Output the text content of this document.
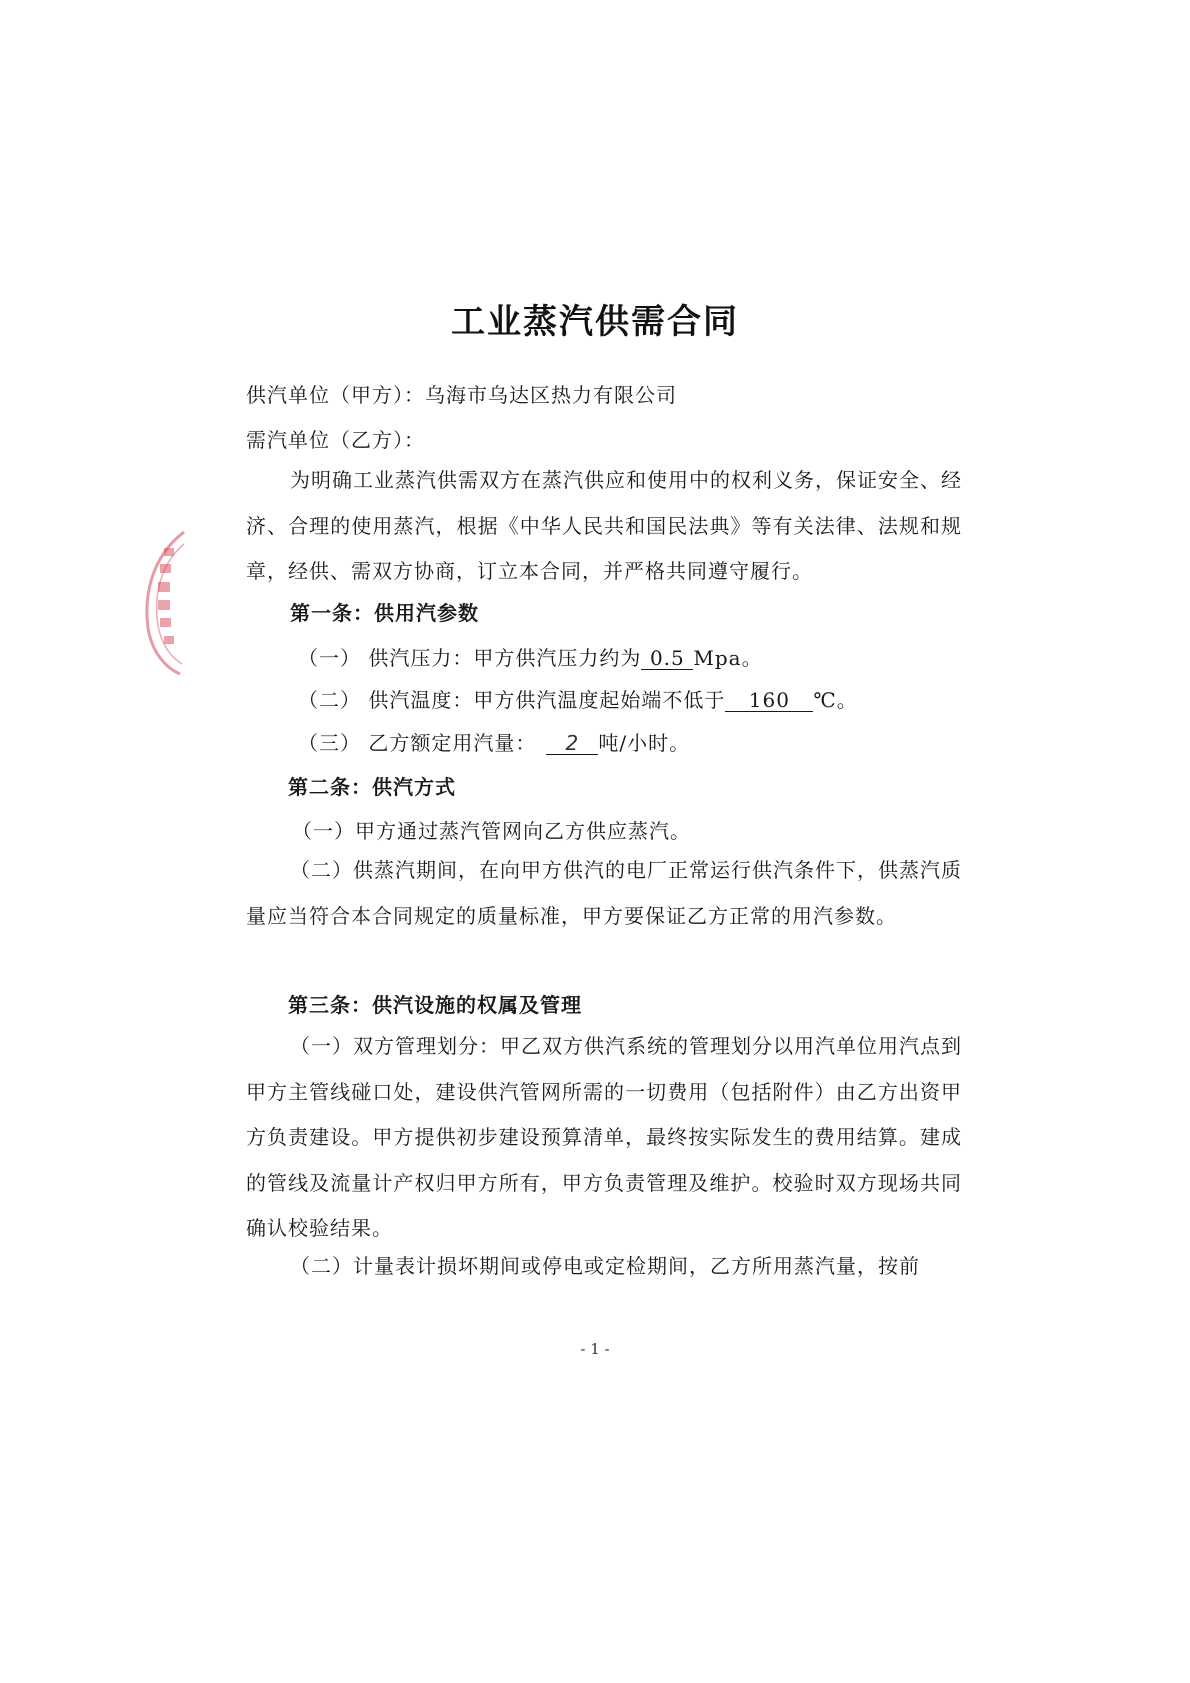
工业蒸汽供需合同
供汽单位（甲方）：乌海市乌达区热力有限公司
需汽单位（乙方）：
为明确工业蒸汽供需双方在蒸汽供应和使用中的权利义务，保证安全、经济、合理的使用蒸汽，根据《中华人民共和国民法典》等有关法律、法规和规章，经供、需双方协商，订立本合同，并严格共同遵守履行。
第一条：供用汽参数
（一） 供汽压力：甲方供汽压力约为 0.5 Mpa。
（二） 供汽温度：甲方供汽温度起始端不低于 160 ℃。
（三） 乙方额定用汽量： 2 吨/小时。
第二条：供汽方式
（一）甲方通过蒸汽管网向乙方供应蒸汽。
（二）供蒸汽期间，在向甲方供汽的电厂正常运行供汽条件下，供蒸汽质量应当符合本合同规定的质量标准，甲方要保证乙方正常的用汽参数。
第三条：供汽设施的权属及管理
（一）双方管理划分：甲乙双方供汽系统的管理划分以用汽单位用汽点到甲方主管线碰口处，建设供汽管网所需的一切费用（包括附件）由乙方出资甲方负责建设。甲方提供初步建设预算清单，最终按实际发生的费用结算。建成的管线及流量计产权归甲方所有，甲方负责管理及维护。校验时双方现场共同确认校验结果。
（二）计量表计损坏期间或停电或定检期间，乙方所用蒸汽量，按前
- 1 -
